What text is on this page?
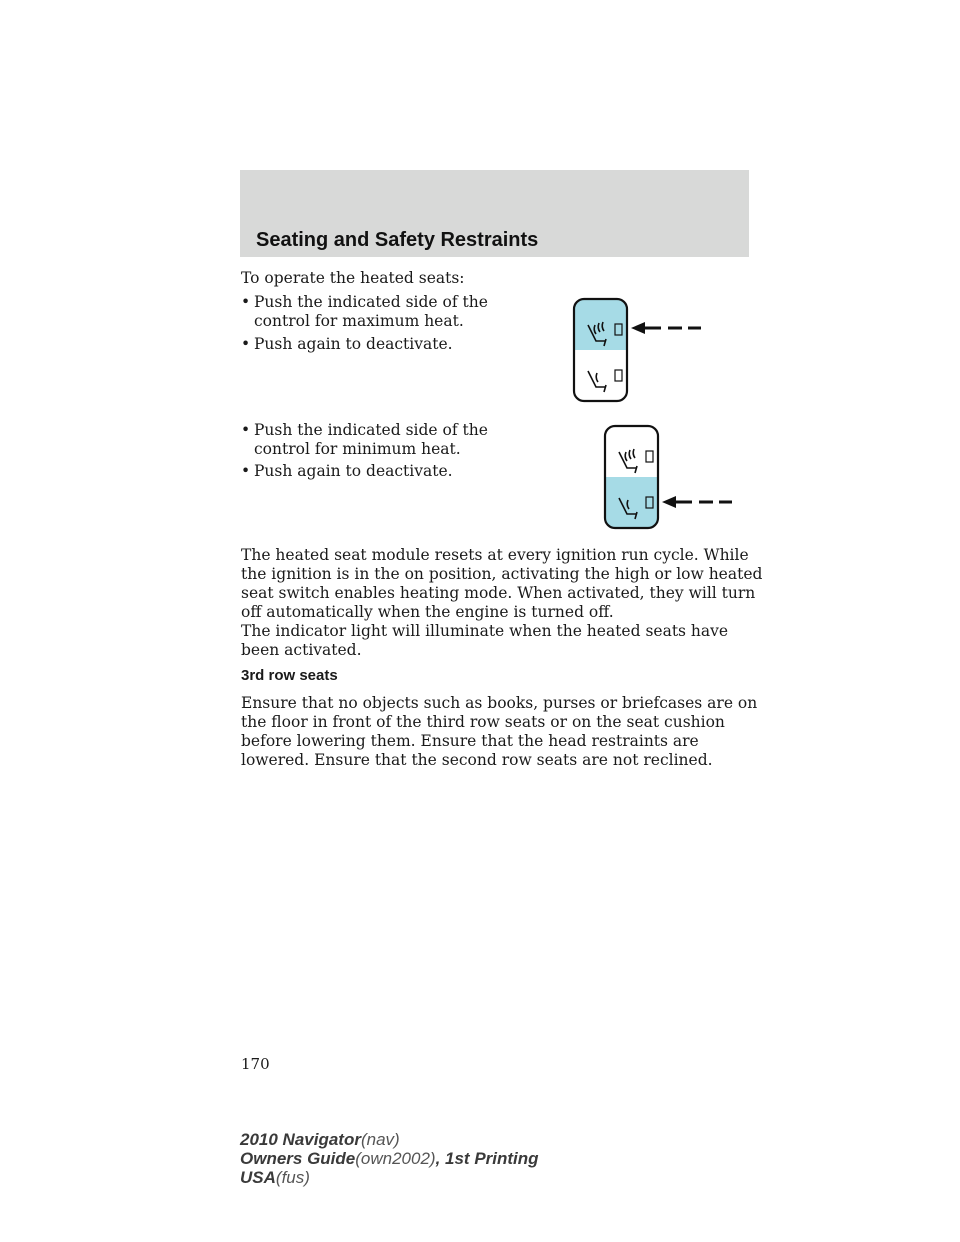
Seating and Safety Restraints
To operate the heated seats:
• Push the indicated side of the control for maximum heat.
• Push again to deactivate.
• Push the indicated side of the control for minimum heat.
• Push again to deactivate.
The heated seat module resets at every ignition run cycle. While the ignition is in the on position, activating the high or low heated seat switch enables heating mode. When activated, they will turn off automatically when the engine is turned off.
The indicator light will illuminate when the heated seats have been activated.
3rd row seats
Ensure that no objects such as books, purses or briefcases are on the floor in front of the third row seats or on the seat cushion before lowering them. Ensure that the head restraints are lowered. Ensure that the second row seats are not reclined.
170
2010 Navigator(nav)
Owners Guide(own2002), 1st Printing
USA(fus)
